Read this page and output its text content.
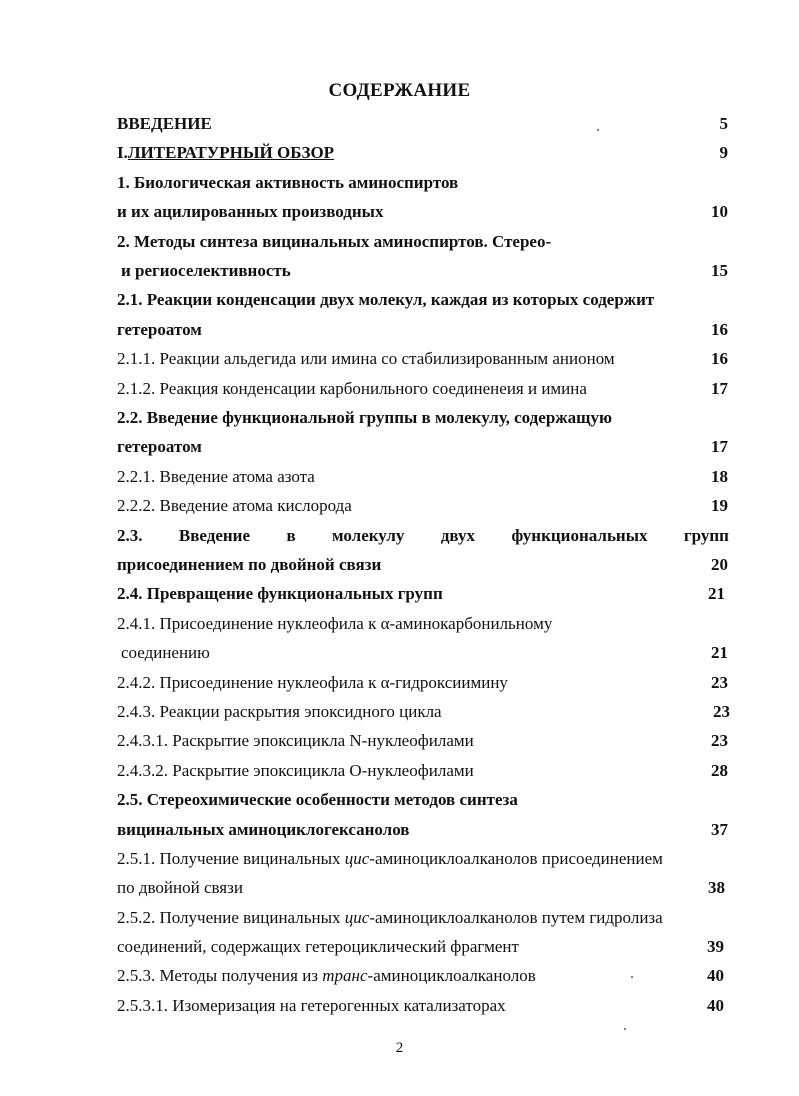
СОДЕРЖАНИЕ
ВВЕДЕНИЕ	5
I.ЛИТЕРАТУРНЫЙ ОБЗОР	9
1. Биологическая активность аминоспиртов
и их ацилированных производных	10
2. Методы синтеза вицинальных аминоспиртов. Стерео-
и региоселективность	15
2.1. Реакции конденсации двух молекул, каждая из которых содержит
гетероатом	16
2.1.1. Реакции альдегида или имина со стабилизированным анионом	16
2.1.2. Реакция конденсации карбонильного соединенеия и имина	17
2.2. Введение функциональной группы в молекулу, содержащую
гетероатом	17
2.2.1. Введение атома азота	18
2.2.2. Введение атома кислорода	19
2.3. Введение в молекулу двух функциональных групп
присоединением по двойной связи	20
2.4. Превращение функциональных групп	21
2.4.1. Присоединение нуклеофила к α-аминокарбонильному
соединению	21
2.4.2. Присоединение нуклеофила к α-гидроксиимину	23
2.4.3. Реакции раскрытия эпоксидного цикла	23
2.4.3.1. Раскрытие эпоксицикла N-нуклеофилами	23
2.4.3.2. Раскрытие эпоксицикла О-нуклеофилами	28
2.5. Стереохимические особенности методов синтеза
вицинальных аминоциклогексанолов	37
2.5.1. Получение вицинальных цис-аминоциклоалканолов присоединением
по двойной связи	38
2.5.2. Получение вицинальных цис-аминоциклоалканолов путем гидролиза
соединений, содержащих гетероциклический фрагмент	39
2.5.3. Методы получения из транс-аминоциклоалканолов	40
2.5.3.1. Изомеризация на гетерогенных катализаторах	40
2
